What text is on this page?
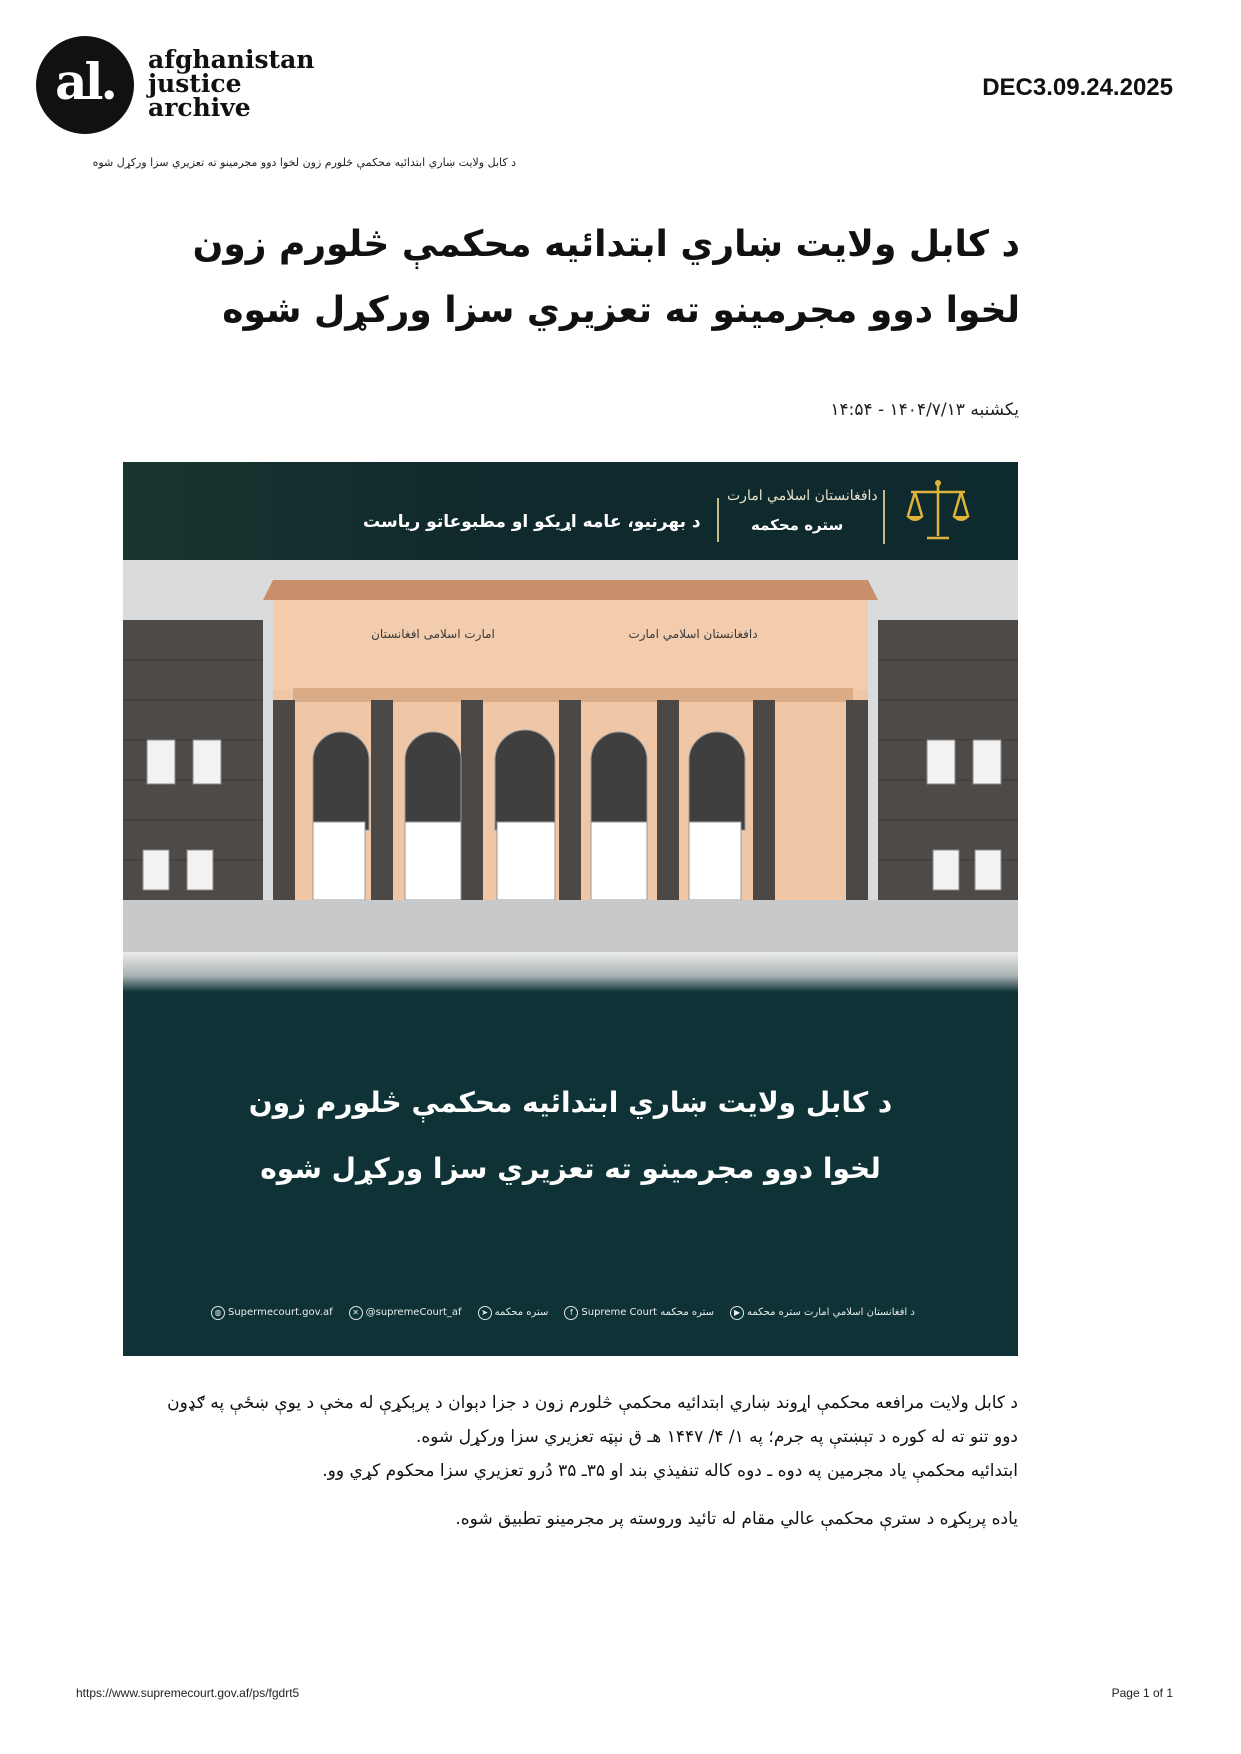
al. afghanistan
justice
archive
DEC3.09.24.2025
د کابل ولایت ښاري ابتدائیه محکمې څلورم زون لخوا دوو مجرمینو ته تعزیري سزا ورکړل شوه
د کابل ولایت ښاري ابتدائیه محکمې څلورم زون لخوا دوو مجرمینو ته تعزیري سزا ورکړل شوه
یکشنبه ۱۴۰۴/۷/۱۳ - ۱۴:۵۴
د بهرنیو، عامه اړیکو او مطبوعاتو ریاست
دافغانستان اسلامي امارت
ستره محکمه
امارت اسلامی افغانستان	دافغانستان اسلامي امارت
د کابل ولایت ښاري ابتدائیه محکمې څلورم زون
لخوا دوو مجرمینو ته تعزیري سزا ورکړل شوه
◍ Supermecourt.gov.af	✕ @supremeCourt_af	➤ ستره محکمه	f Supreme Court ستره محکمه	▶ د افغانستان اسلامي امارت ستره محکمه

د کابل ولایت مرافعه محکمې اړوند ښاري ابتدائیه محکمې څلورم زون د جزا دېوان د پرېکړې له مخې د یوې ښځې په ګډون دوو تنو ته له کوره د تېښتې په جرم؛ په ۱/ ۴/ ۱۴۴۷ هـ ق نېټه تعزیري سزا ورکړل شوه.

ابتدائیه محکمې یاد مجرمین په دوه ـ دوه کاله تنفیذي بند او ۳۵ـ ۳۵ دُرو تعزیري سزا محکوم کړي وو.

یاده پرېکړه د سترې محکمې عالي مقام له تائید وروسته پر مجرمینو تطبیق شوه.

https://www.supremecourt.gov.af/ps/fgdrt5	Page 1 of 1
